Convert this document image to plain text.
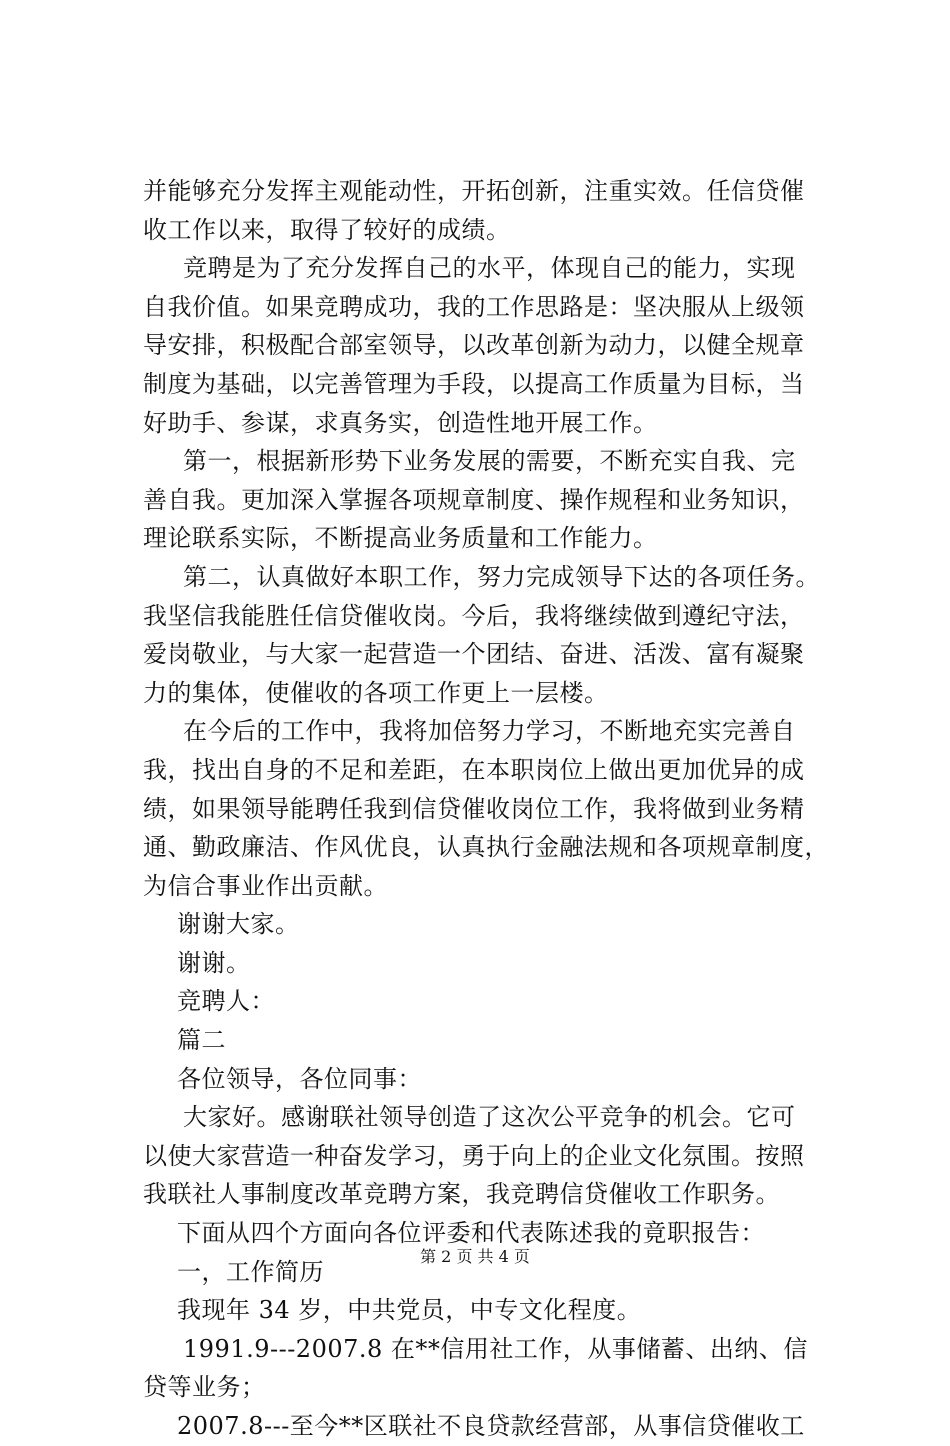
并能够充分发挥主观能动性，开拓创新，注重实效。任信贷催
收工作以来，取得了较好的成绩。
竞聘是为了充分发挥自己的水平，体现自己的能力，实现
自我价值。如果竞聘成功，我的工作思路是：坚决服从上级领
导安排，积极配合部室领导，以改革创新为动力，以健全规章
制度为基础，以完善管理为手段，以提高工作质量为目标，当
好助手、参谋，求真务实，创造性地开展工作。
第一，根据新形势下业务发展的需要，不断充实自我、完
善自我。更加深入掌握各项规章制度、操作规程和业务知识，
理论联系实际，不断提高业务质量和工作能力。
第二，认真做好本职工作，努力完成领导下达的各项任务。
我坚信我能胜任信贷催收岗。今后，我将继续做到遵纪守法，
爱岗敬业，与大家一起营造一个团结、奋进、活泼、富有凝聚
力的集体，使催收的各项工作更上一层楼。
在今后的工作中，我将加倍努力学习，不断地充实完善自
我，找出自身的不足和差距，在本职岗位上做出更加优异的成
绩，如果领导能聘任我到信贷催收岗位工作，我将做到业务精
通、勤政廉洁、作风优良，认真执行金融法规和各项规章制度，
为信合事业作出贡献。
谢谢大家。
谢谢。
竞聘人：
篇二
各位领导，各位同事：
大家好。感谢联社领导创造了这次公平竞争的机会。它可
以使大家营造一种奋发学习，勇于向上的企业文化氛围。按照
我联社人事制度改革竞聘方案，我竞聘信贷催收工作职务。
下面从四个方面向各位评委和代表陈述我的竟职报告：
一，工作简历
我现年 34 岁，中共党员，中专文化程度。
1991.9---2007.8 在**信用社工作，从事储蓄、出纳、信
贷等业务；
2007.8---至今**区联社不良贷款经营部，从事信贷催收工
第 2 页 共 4 页
